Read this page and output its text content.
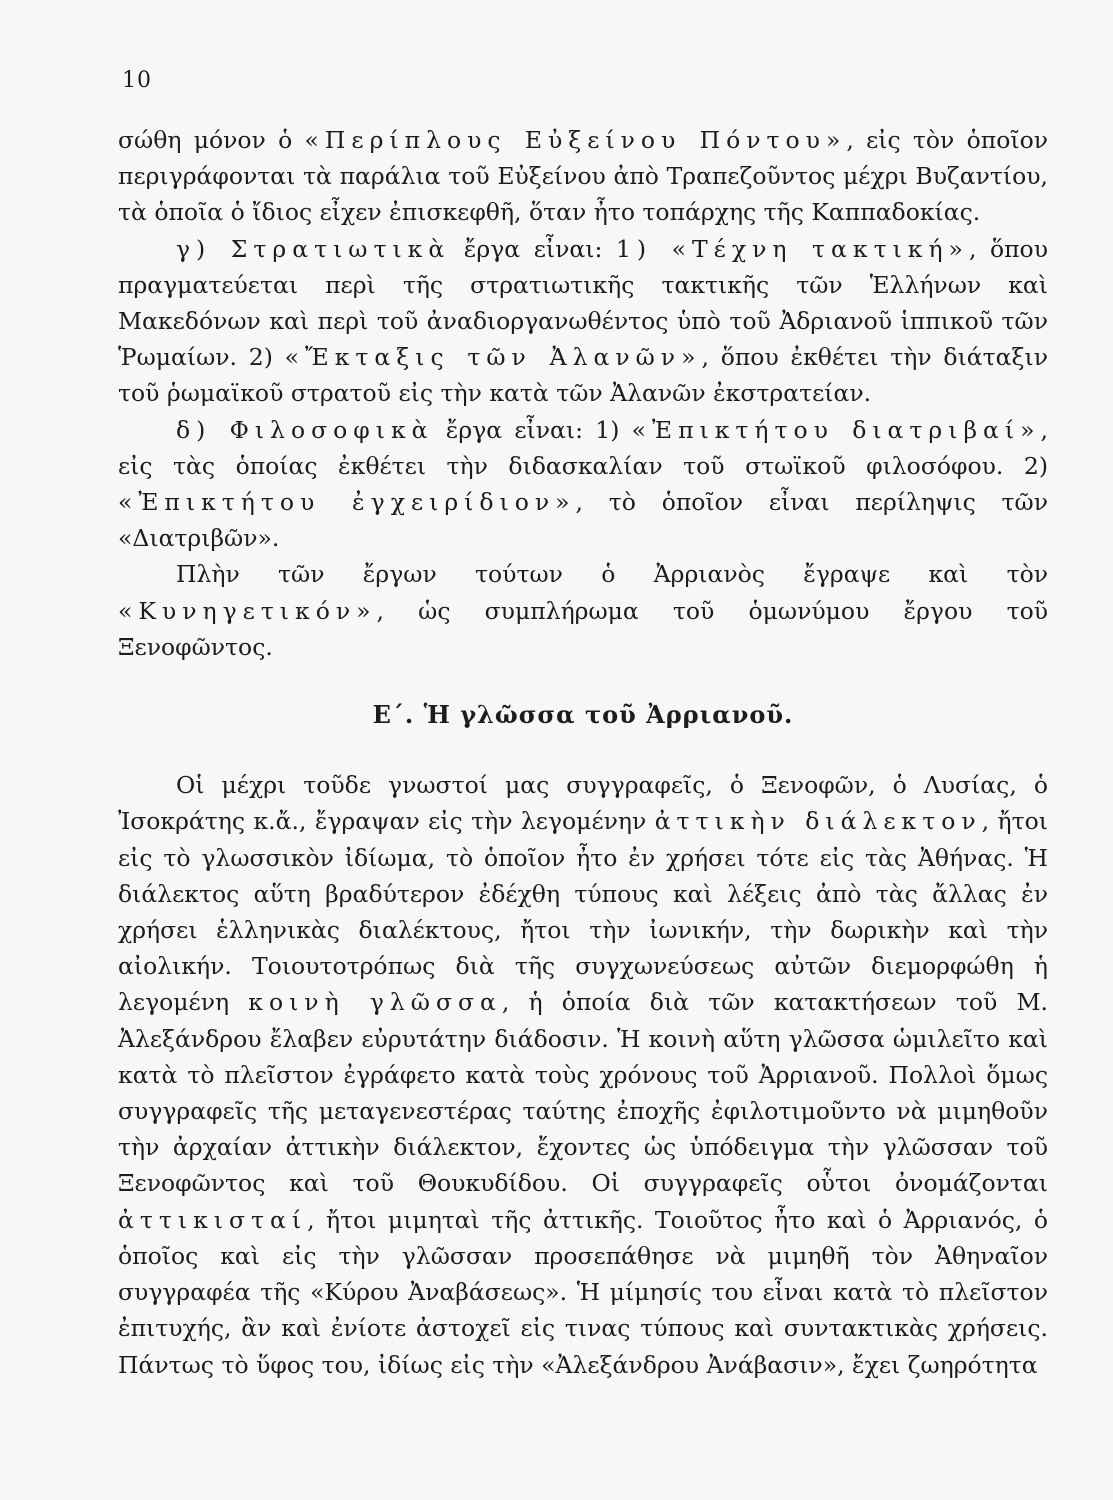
10

σώθη μόνον ὁ «Περίπλους Εὐξείνου Πόντου», εἰς τὸν ὁποῖον περιγράφονται τὰ παράλια τοῦ Εὐξείνου ἀπὸ Τραπεζοῦντος μέχρι Βυζαντίου, τὰ ὁποῖα ὁ ἴδιος εἶχεν ἐπισκεφθῆ, ὅταν ἦτο τοπάρχης τῆς Καππαδοκίας.

γ) Στρατιωτικὰ ἔργα εἶναι: 1) «Τέχνη τακτική», ὅπου πραγματεύεται περὶ τῆς στρατιωτικῆς τακτικῆς τῶν Ἑλλήνων καὶ Μακεδόνων καὶ περὶ τοῦ ἀναδιοργανωθέντος ὑπὸ τοῦ Ἀδριανοῦ ἱππικοῦ τῶν Ῥωμαίων. 2) «Ἔκταξις τῶν Ἀλανῶν», ὅπου ἐκθέτει τὴν διάταξιν τοῦ ῥωμαϊκοῦ στρατοῦ εἰς τὴν κατὰ τῶν Ἀλανῶν ἐκστρατείαν.

δ) Φιλοσοφικὰ ἔργα εἶναι: 1) «Ἐπικτήτου διατριβαί», εἰς τὰς ὁποίας ἐκθέτει τὴν διδασκαλίαν τοῦ στωϊκοῦ φιλοσόφου. 2) «Ἐπικτήτου ἐγχειρίδιον», τὸ ὁποῖον εἶναι περίληψις τῶν «Διατριβῶν».

Πλὴν τῶν ἔργων τούτων ὁ Ἀρριανὸς ἔγραψε καὶ τὸν «Κυνηγετικόν», ὡς συμπλήρωμα τοῦ ὁμωνύμου ἔργου τοῦ Ξενοφῶντος.

Ε΄. Ἡ γλῶσσα τοῦ Ἀρριανοῦ.

Οἱ μέχρι τοῦδε γνωστοί μας συγγραφεῖς, ὁ Ξενοφῶν, ὁ Λυσίας, ὁ Ἰσοκράτης κ.ἄ., ἔγραψαν εἰς τὴν λεγομένην ἀττικὴν διάλεκτον, ἤτοι εἰς τὸ γλωσσικὸν ἰδίωμα, τὸ ὁποῖον ἦτο ἐν χρήσει τότε εἰς τὰς Ἀθήνας. Ἡ διάλεκτος αὕτη βραδύτερον ἐδέχθη τύπους καὶ λέξεις ἀπὸ τὰς ἄλλας ἐν χρήσει ἑλληνικὰς διαλέκτους, ἤτοι τὴν ἰωνικήν, τὴν δωρικὴν καὶ τὴν αἰολικήν. Τοιουτοτρόπως διὰ τῆς συγχωνεύσεως αὐτῶν διεμορφώθη ἡ λεγομένη κοινὴ γλῶσσα, ἡ ὁποία διὰ τῶν κατακτήσεων τοῦ Μ. Ἀλεξάνδρου ἔλαβεν εὐρυτάτην διάδοσιν. Ἡ κοινὴ αὕτη γλῶσσα ὡμιλεῖτο καὶ κατὰ τὸ πλεῖστον ἐγράφετο κατὰ τοὺς χρόνους τοῦ Ἀρριανοῦ. Πολλοὶ ὅμως συγγραφεῖς τῆς μεταγενεστέρας ταύτης ἐποχῆς ἐφιλοτιμοῦντο νὰ μιμηθοῦν τὴν ἀρχαίαν ἀττικὴν διάλεκτον, ἔχοντες ὡς ὑπόδειγμα τὴν γλῶσσαν τοῦ Ξενοφῶντος καὶ τοῦ Θουκυδίδου. Οἱ συγγραφεῖς οὗτοι ὀνομάζονται ἀττικισταί, ἤτοι μιμηταὶ τῆς ἀττικῆς. Τοιοῦτος ἦτο καὶ ὁ Ἀρριανός, ὁ ὁποῖος καὶ εἰς τὴν γλῶσσαν προσεπάθησε νὰ μιμηθῆ τὸν Ἀθηναῖον συγγραφέα τῆς «Κύρου Ἀναβάσεως». Ἡ μίμησίς του εἶναι κατὰ τὸ πλεῖστον ἐπιτυχής, ἂν καὶ ἐνίοτε ἀστοχεῖ εἰς τινας τύπους καὶ συντακτικὰς χρήσεις. Πάντως τὸ ὕφος του, ἰδίως εἰς τὴν «Ἀλεξάνδρου Ἀνάβασιν», ἔχει ζωηρότητα
